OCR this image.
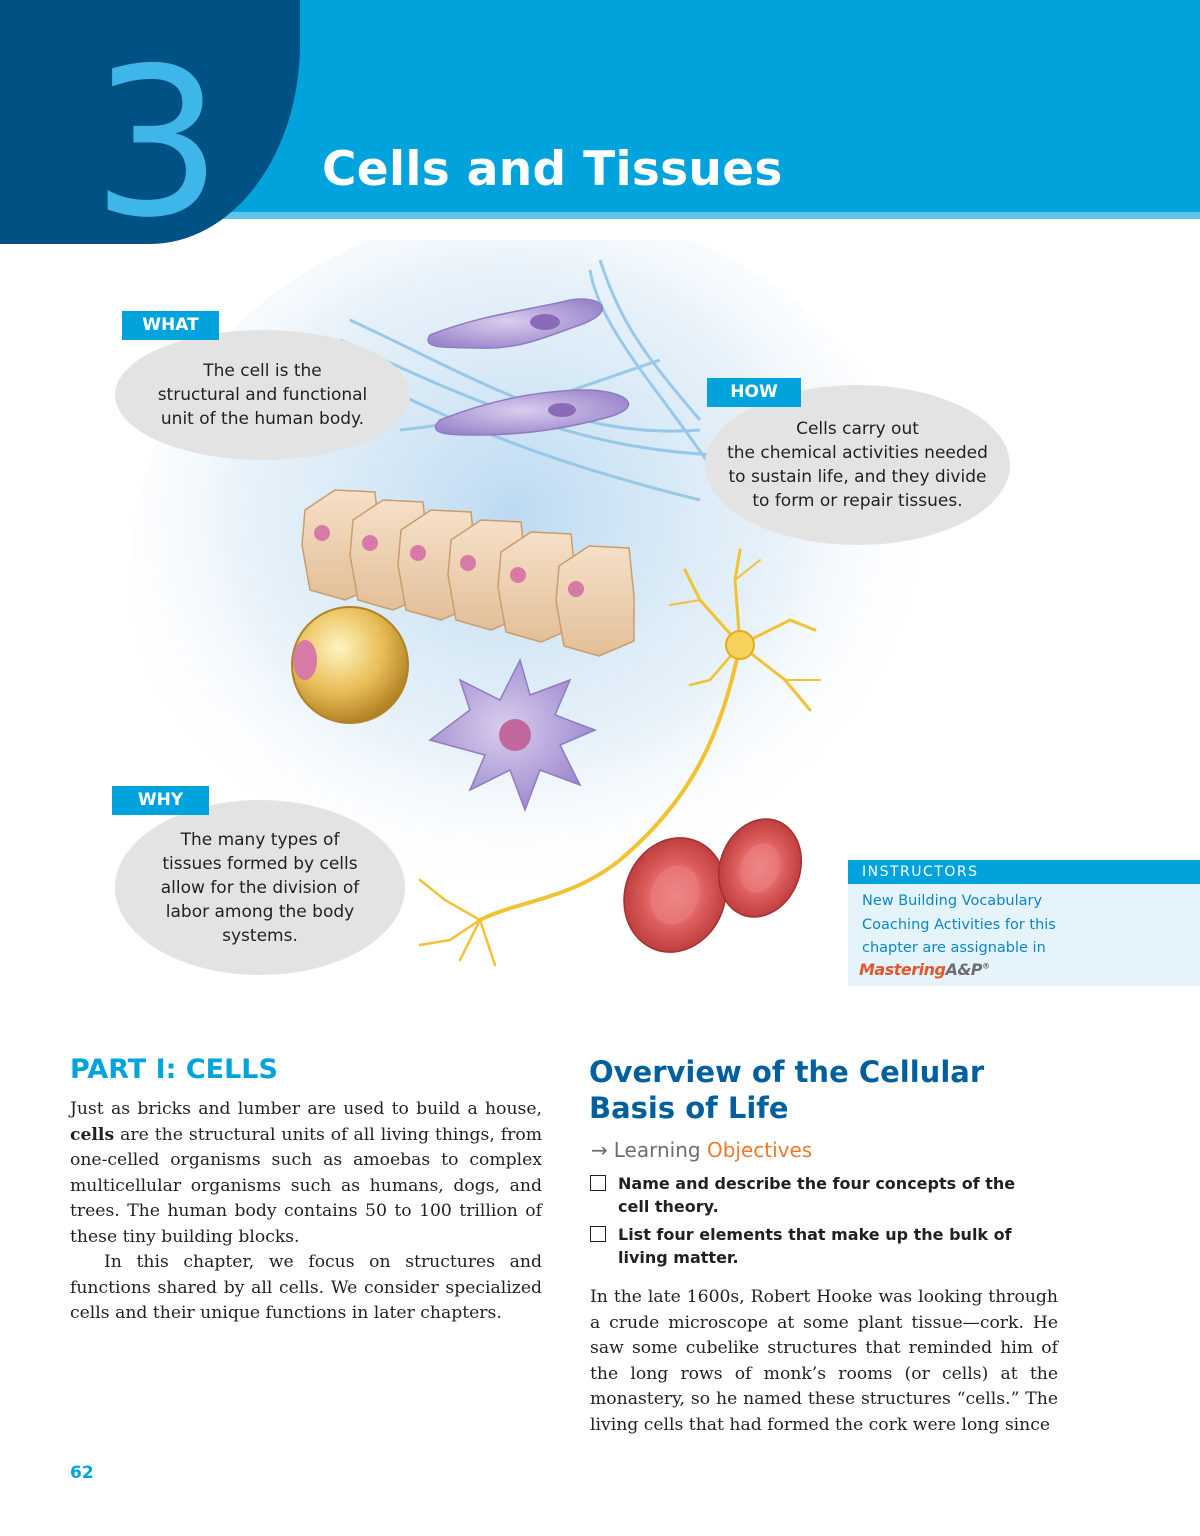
3 Cells and Tissues
The cell is the
structural and functional
unit of the human body.
WHAT
Cells carry out
the chemical activities needed
to sustain life, and they divide
to form or repair tissues.
HOW
The many types of
tissues formed by cells
allow for the division of
labor among the body
systems.
WHY
INSTRUCTORS
New Building Vocabulary
Coaching Activities for this
chapter are assignable in
MasteringA&P®
PART I: CELLS

Just as bricks and lumber are used to build a house, cells are the structural units of all living things, from one-celled organisms such as amoebas to complex multicellular organisms such as humans, dogs, and trees. The human body contains 50 to 100 trillion of these tiny building blocks.

In this chapter, we focus on structures and functions shared by all cells. We consider specialized cells and their unique functions in later chapters.

Overview of the Cellular
Basis of Life
→ Learning Objectives
Name and describe the four concepts of the cell theory.
List four elements that make up the bulk of living matter.

In the late 1600s, Robert Hooke was looking through a crude microscope at some plant tissue—cork. He saw some cubelike structures that reminded him of the long rows of monk’s rooms (or cells) at the monastery, so he named these structures “cells.” The living cells that had formed the cork were long since

62
